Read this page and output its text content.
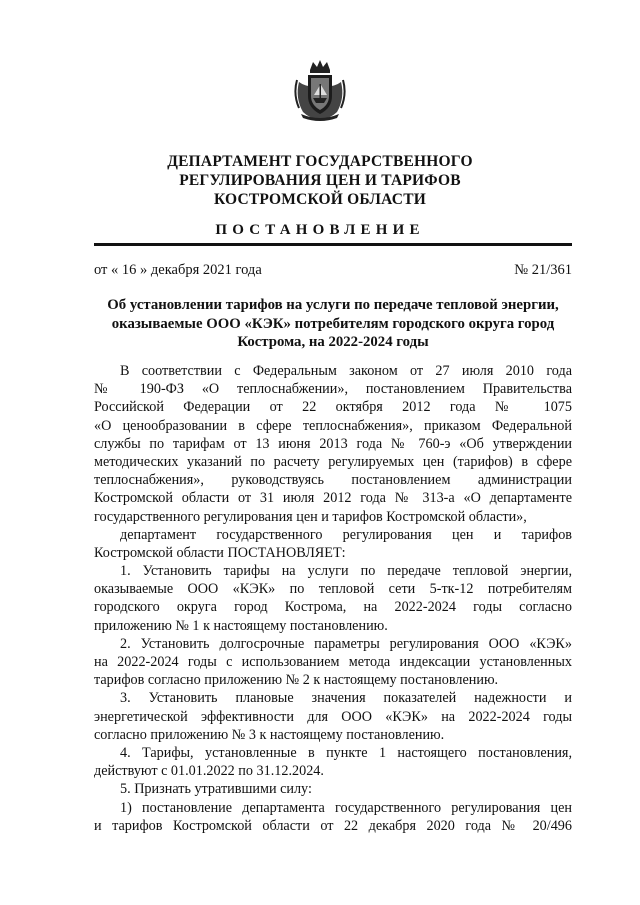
ДЕПАРТАМЕНТ ГОСУДАРСТВЕННОГО
РЕГУЛИРОВАНИЯ ЦЕН И ТАРИФОВ
КОСТРОМСКОЙ ОБЛАСТИ
ПОСТАНОВЛЕНИЕ
от « 16 » декабря 2021 года	№ 21/361
Об установлении тарифов на услуги по передаче тепловой энергии,
оказываемые ООО «КЭК» потребителям городского округа город
Кострома, на 2022-2024 годы
В соответствии с Федеральным законом от 27 июля 2010 года
№ 190-ФЗ «О теплоснабжении», постановлением Правительства
Российской Федерации от 22 октября 2012 года № 1075
«О ценообразовании в сфере теплоснабжения», приказом Федеральной
службы по тарифам от 13 июня 2013 года № 760-э «Об утверждении
методических указаний по расчету регулируемых цен (тарифов) в сфере
теплоснабжения», руководствуясь постановлением администрации
Костромской области от 31 июля 2012 года № 313-а «О департаменте
государственного регулирования цен и тарифов Костромской области»,
департамент государственного регулирования цен и тарифов
Костромской области ПОСТАНОВЛЯЕТ:
1. Установить тарифы на услуги по передаче тепловой энергии,
оказываемые ООО «КЭК» по тепловой сети 5-тк-12 потребителям
городского округа город Кострома, на 2022-2024 годы согласно
приложению № 1 к настоящему постановлению.
2. Установить долгосрочные параметры регулирования ООО «КЭК»
на 2022-2024 годы с использованием метода индексации установленных
тарифов согласно приложению № 2 к настоящему постановлению.
3. Установить плановые значения показателей надежности и
энергетической эффективности для ООО «КЭК» на 2022-2024 годы
согласно приложению № 3 к настоящему постановлению.
4. Тарифы, установленные в пункте 1 настоящего постановления,
действуют с 01.01.2022 по 31.12.2024.
5. Признать утратившими силу:
1) постановление департамента государственного регулирования цен
и тарифов Костромской области от 22 декабря 2020 года № 20/496
